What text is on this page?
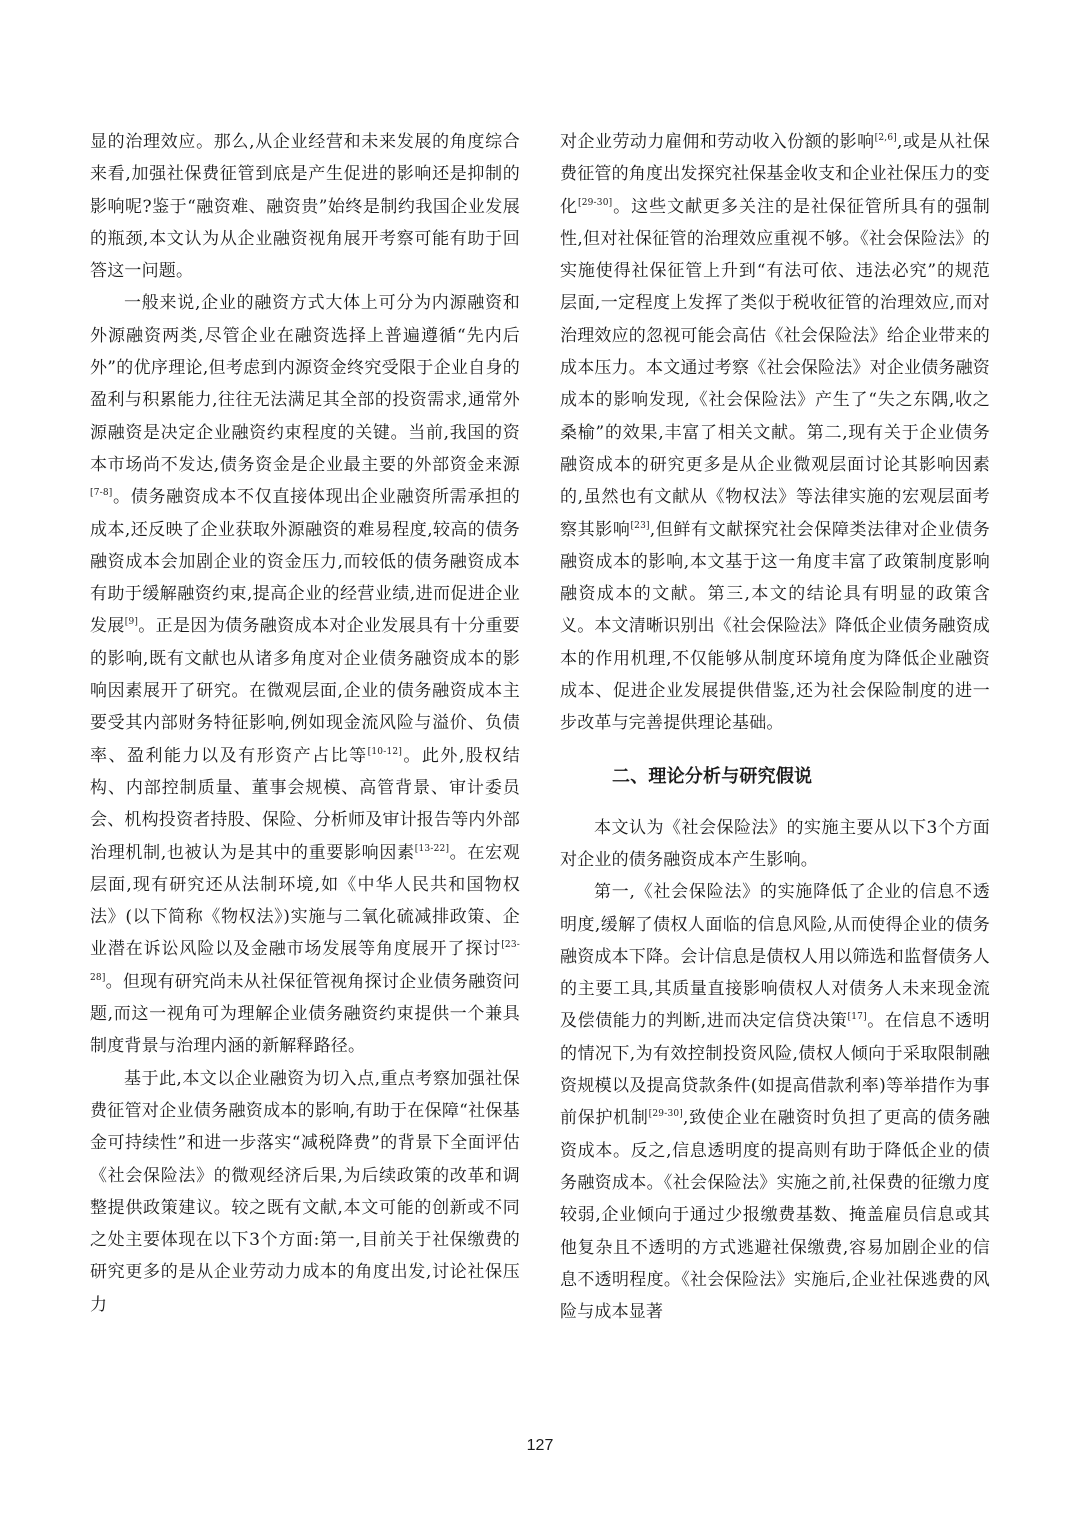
显的治理效应。那么,从企业经营和未来发展的角度综合来看,加强社保费征管到底是产生促进的影响还是抑制的影响呢?鉴于“融资难、融资贵”始终是制约我国企业发展的瓶颈,本文认为从企业融资视角展开考察可能有助于回答这一问题。

一般来说,企业的融资方式大体上可分为内源融资和外源融资两类,尽管企业在融资选择上普遍遵循“先内后外”的优序理论,但考虑到内源资金终究受限于企业自身的盈利与积累能力,往往无法满足其全部的投资需求,通常外源融资是决定企业融资约束程度的关键。当前,我国的资本市场尚不发达,债务资金是企业最主要的外部资金来源[7-8]。债务融资成本不仅直接体现出企业融资所需承担的成本,还反映了企业获取外源融资的难易程度,较高的债务融资成本会加剧企业的资金压力,而较低的债务融资成本有助于缓解融资约束,提高企业的经营业绩,进而促进企业发展[9]。正是因为债务融资成本对企业发展具有十分重要的影响,既有文献也从诸多角度对企业债务融资成本的影响因素展开了研究。在微观层面,企业的债务融资成本主要受其内部财务特征影响,例如现金流风险与溢价、负债率、盈利能力以及有形资产占比等[10-12]。此外,股权结构、内部控制质量、董事会规模、高管背景、审计委员会、机构投资者持股、保险、分析师及审计报告等内外部治理机制,也被认为是其中的重要影响因素[13-22]。在宏观层面,现有研究还从法制环境,如《中华人民共和国物权法》(以下简称《物权法》)实施与二氧化硫减排政策、企业潜在诉讼风险以及金融市场发展等角度展开了探讨[23-28]。但现有研究尚未从社保征管视角探讨企业债务融资问题,而这一视角可为理解企业债务融资约束提供一个兼具制度背景与治理内涵的新解释路径。

基于此,本文以企业融资为切入点,重点考察加强社保费征管对企业债务融资成本的影响,有助于在保障“社保基金可持续性”和进一步落实“减税降费”的背景下全面评估《社会保险法》的微观经济后果,为后续政策的改革和调整提供政策建议。较之既有文献,本文可能的创新或不同之处主要体现在以下3个方面:第一,目前关于社保缴费的研究更多的是从企业劳动力成本的角度出发,讨论社保压力

对企业劳动力雇佣和劳动收入份额的影响[2,6],或是从社保费征管的角度出发探究社保基金收支和企业社保压力的变化[29-30]。这些文献更多关注的是社保征管所具有的强制性,但对社保征管的治理效应重视不够。《社会保险法》的实施使得社保征管上升到“有法可依、违法必究”的规范层面,一定程度上发挥了类似于税收征管的治理效应,而对治理效应的忽视可能会高估《社会保险法》给企业带来的成本压力。本文通过考察《社会保险法》对企业债务融资成本的影响发现,《社会保险法》产生了“失之东隅,收之桑榆”的效果,丰富了相关文献。第二,现有关于企业债务融资成本的研究更多是从企业微观层面讨论其影响因素的,虽然也有文献从《物权法》等法律实施的宏观层面考察其影响[23],但鲜有文献探究社会保障类法律对企业债务融资成本的影响,本文基于这一角度丰富了政策制度影响融资成本的文献。第三,本文的结论具有明显的政策含义。本文清晰识别出《社会保险法》降低企业债务融资成本的作用机理,不仅能够从制度环境角度为降低企业融资成本、促进企业发展提供借鉴,还为社会保险制度的进一步改革与完善提供理论基础。

二、理论分析与研究假说

本文认为《社会保险法》的实施主要从以下3个方面对企业的债务融资成本产生影响。

第一,《社会保险法》的实施降低了企业的信息不透明度,缓解了债权人面临的信息风险,从而使得企业的债务融资成本下降。会计信息是债权人用以筛选和监督债务人的主要工具,其质量直接影响债权人对债务人未来现金流及偿债能力的判断,进而决定信贷决策[17]。在信息不透明的情况下,为有效控制投资风险,债权人倾向于采取限制融资规模以及提高贷款条件(如提高借款利率)等举措作为事前保护机制[29-30],致使企业在融资时负担了更高的债务融资成本。反之,信息透明度的提高则有助于降低企业的债务融资成本。《社会保险法》实施之前,社保费的征缴力度较弱,企业倾向于通过少报缴费基数、掩盖雇员信息或其他复杂且不透明的方式逃避社保缴费,容易加剧企业的信息不透明程度。《社会保险法》实施后,企业社保逃费的风险与成本显著

127
